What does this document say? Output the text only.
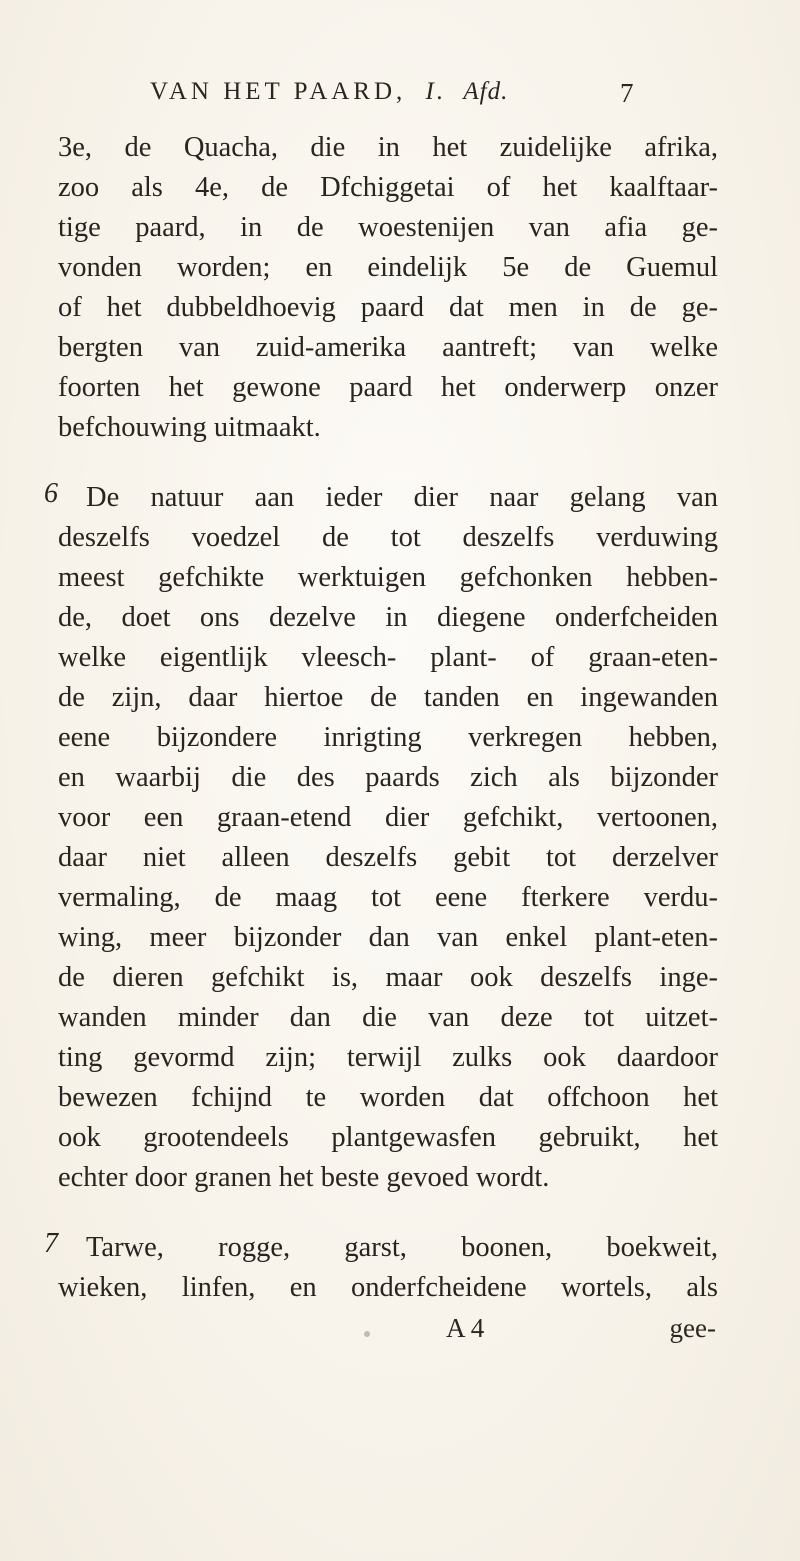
VAN HET PAARD, I. Afd.	7
3e, de Quacha, die in het zuidelijke afrika,
zoo als 4e, de Dfchiggetai of het kaalftaar-
tige paard, in de woestenijen van afia ge-
vonden worden; en eindelijk 5e de Guemul
of het dubbeldhoevig paard dat men in de ge-
bergten van zuid-amerika aantreft; van welke
foorten het gewone paard het onderwerp onzer
befchouwing uitmaakt.
6 De natuur aan ieder dier naar gelang van
deszelfs voedzel de tot deszelfs verduwing
meest gefchikte werktuigen gefchonken hebben-
de, doet ons dezelve in diegene onderfcheiden
welke eigentlijk vleesch- plant- of graan-eten-
de zijn, daar hiertoe de tanden en ingewanden
eene bijzondere inrigting verkregen hebben,
en waarbij die des paards zich als bijzonder
voor een graan-etend dier gefchikt, vertoonen,
daar niet alleen deszelfs gebit tot derzelver
vermaling, de maag tot eene fterkere verdu-
wing, meer bijzonder dan van enkel plant-eten-
de dieren gefchikt is, maar ook deszelfs inge-
wanden minder dan die van deze tot uitzet-
ting gevormd zijn; terwijl zulks ook daardoor
bewezen fchijnd te worden dat offchoon het
ook grootendeels plantgewasfen gebruikt, het
echter door granen het beste gevoed wordt.
7 Tarwe, rogge, garst, boonen, boekweit,
wieken, linfen, en onderfcheidene wortels, als
A 4	gee-
